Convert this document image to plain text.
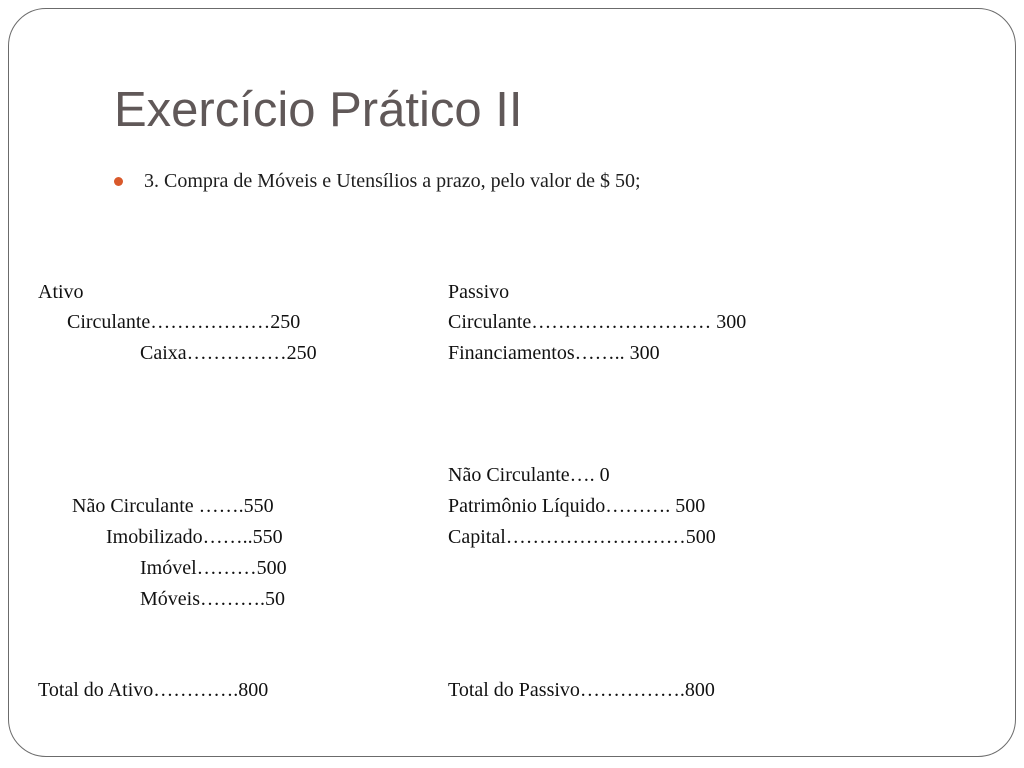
Exercício Prático II
3. Compra de Móveis e Utensílios a prazo, pelo valor de $ 50;
Ativo
Circulante………………250
Caixa……………250
Não Circulante …….550
Imobilizado……..550
Imóvel………500
Móveis……….50
Total do Ativo………….800
Passivo
Circulante……………………… 300
Financiamentos…….. 300
Não Circulante…. 0
Patrimônio Líquido………. 500
Capital………………………500
Total do Passivo…………….800
